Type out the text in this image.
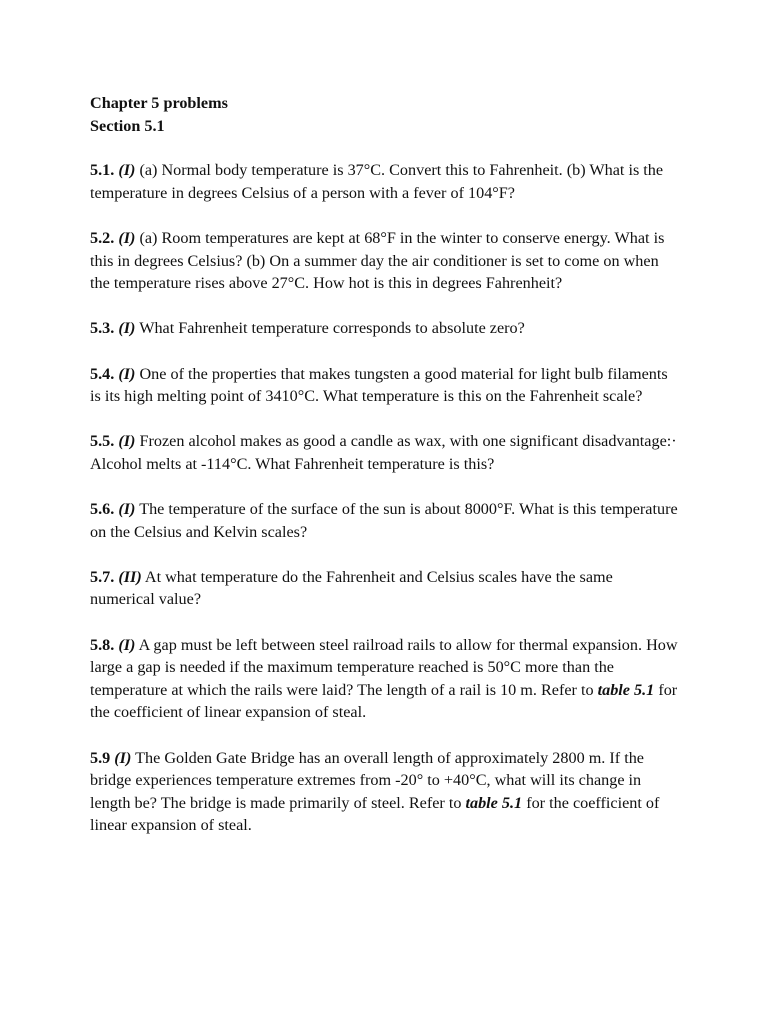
Chapter 5 problems

Section 5.1

5.1. (I) (a) Normal body temperature is 37°C. Convert this to Fahrenheit. (b) What is the temperature in degrees Celsius of a person with a fever of 104°F?

5.2. (I) (a) Room temperatures are kept at 68°F in the winter to conserve energy. What is this in degrees Celsius? (b) On a summer day the air conditioner is set to come on when the temperature rises above 27°C. How hot is this in degrees Fahrenheit?

5.3. (I) What Fahrenheit temperature corresponds to absolute zero?

5.4. (I) One of the properties that makes tungsten a good material for light bulb filaments is its high melting point of 3410°C. What temperature is this on the Fahrenheit scale?

5.5. (I) Frozen alcohol makes as good a candle as wax, with one significant disadvantage:· Alcohol melts at -114°C. What Fahrenheit temperature is this?

5.6. (I) The temperature of the surface of the sun is about 8000°F. What is this temperature on the Celsius and Kelvin scales?

5.7. (II) At what temperature do the Fahrenheit and Celsius scales have the same numerical value?

5.8. (I) A gap must be left between steel railroad rails to allow for thermal expansion. How large a gap is needed if the maximum temperature reached is 50°C more than the temperature at which the rails were laid? The length of a rail is 10 m. Refer to table 5.1 for the coefficient of linear expansion of steal.

5.9 (I) The Golden Gate Bridge has an overall length of approximately 2800 m. If the bridge experiences temperature extremes from -20° to +40°C, what will its change in length be? The bridge is made primarily of steel. Refer to table 5.1 for the coefficient of linear expansion of steal.
